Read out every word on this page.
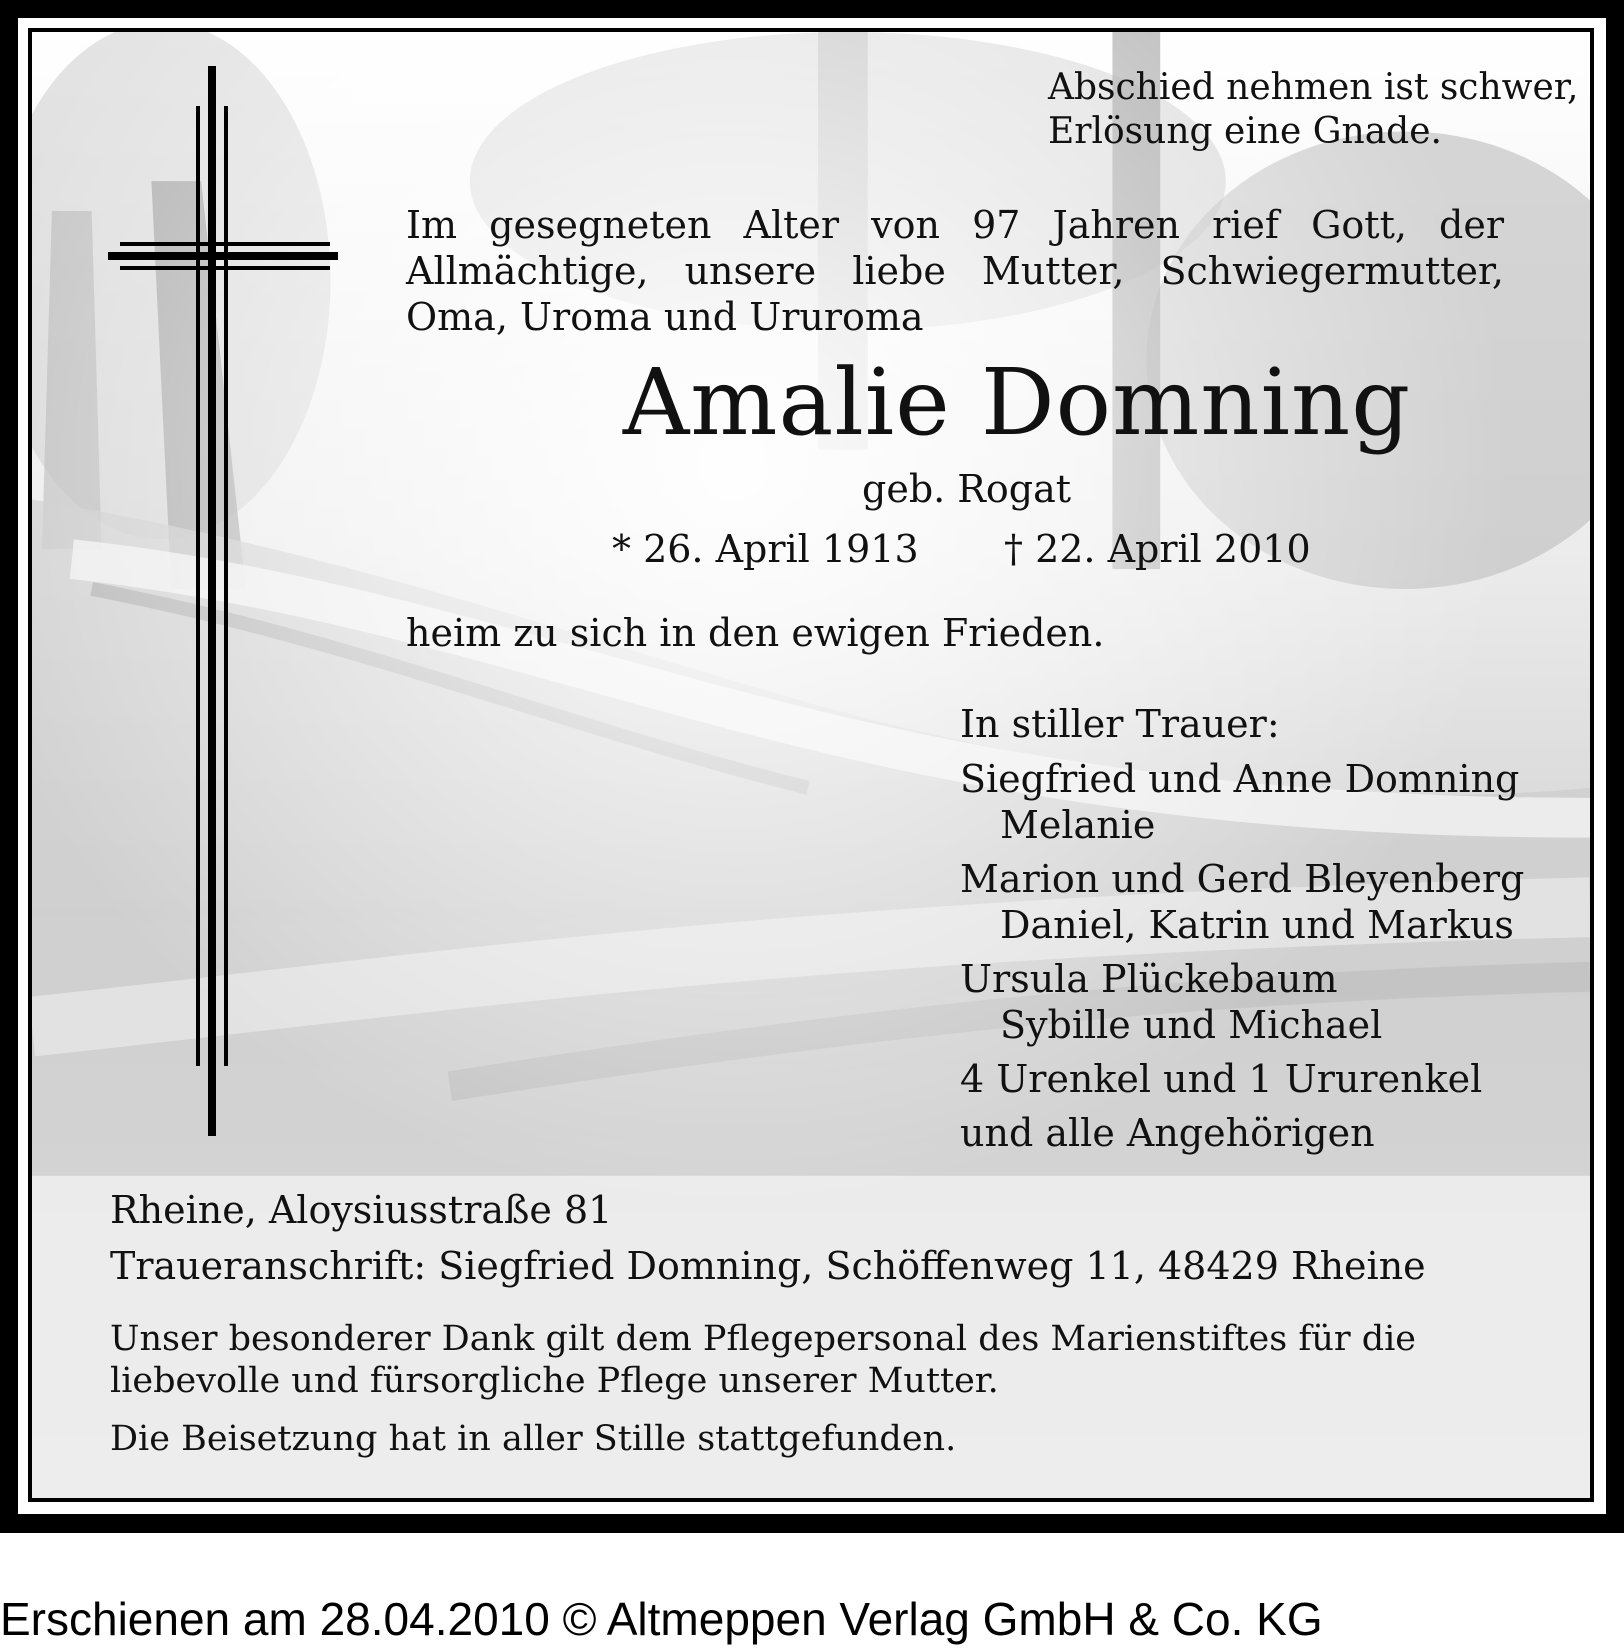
Abschied nehmen ist schwer,
Erlösung eine Gnade.

Im gesegneten Alter von 97 Jahren rief Gott, der Allmächtige, unsere liebe Mutter, Schwiegermutter, Oma, Uroma und Ururoma

Amalie Domning

geb. Rogat

* 26. April 1913 † 22. April 2010

heim zu sich in den ewigen Frieden.

In stiller Trauer:

Siegfried und Anne Domning

Melanie

Marion und Gerd Bleyenberg

Daniel, Katrin und Markus

Ursula Plückebaum

Sybille und Michael

4 Urenkel und 1 Ururenkel

und alle Angehörigen

Rheine, Aloysiusstraße 81
Traueranschrift: Siegfried Domning, Schöffenweg 11, 48429 Rheine

Unser besonderer Dank gilt dem Pflegepersonal des Marienstiftes für die liebevolle und fürsorgliche Pflege unserer Mutter.

Die Beisetzung hat in aller Stille stattgefunden.

Erschienen am 28.04.2010 © Altmeppen Verlag GmbH & Co. KG
